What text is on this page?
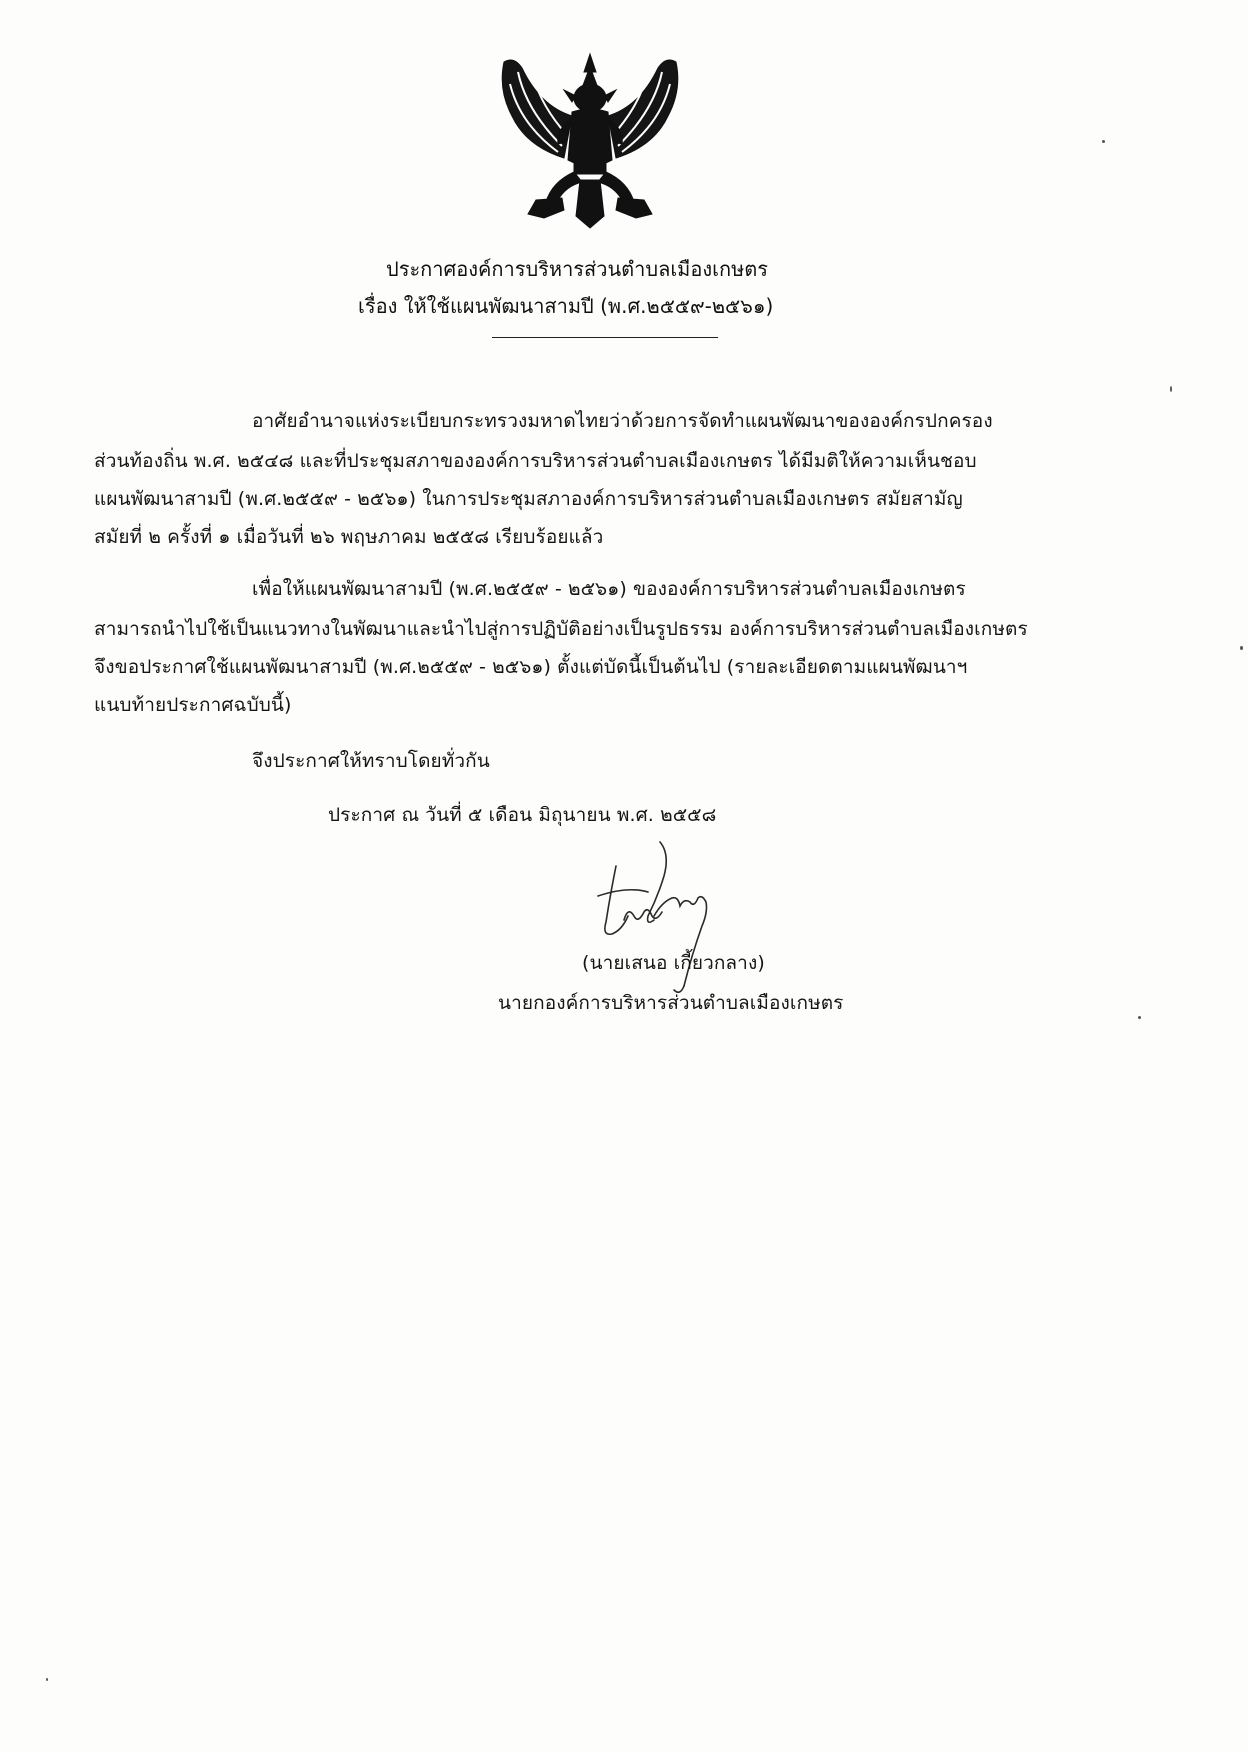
ประกาศองค์การบริหารส่วนตำบลเมืองเกษตร
เรื่อง ให้ใช้แผนพัฒนาสามปี (พ.ศ.๒๕๕๙-๒๕๖๑)
อาศัยอำนาจแห่งระเบียบกระทรวงมหาดไทยว่าด้วยการจัดทำแผนพัฒนาขององค์กรปกครอง
ส่วนท้องถิ่น พ.ศ. ๒๕๔๘ และที่ประชุมสภาขององค์การบริหารส่วนตำบลเมืองเกษตร ได้มีมติให้ความเห็นชอบ
แผนพัฒนาสามปี (พ.ศ.๒๕๕๙ - ๒๕๖๑) ในการประชุมสภาองค์การบริหารส่วนตำบลเมืองเกษตร สมัยสามัญ
สมัยที่ ๒ ครั้งที่ ๑ เมื่อวันที่ ๒๖ พฤษภาคม ๒๕๕๘ เรียบร้อยแล้ว
เพื่อให้แผนพัฒนาสามปี (พ.ศ.๒๕๕๙ - ๒๕๖๑) ขององค์การบริหารส่วนตำบลเมืองเกษตร
สามารถนำไปใช้เป็นแนวทางในพัฒนาและนำไปสู่การปฏิบัติอย่างเป็นรูปธรรม องค์การบริหารส่วนตำบลเมืองเกษตร
จึงขอประกาศใช้แผนพัฒนาสามปี (พ.ศ.๒๕๕๙ - ๒๕๖๑) ตั้งแต่บัดนี้เป็นต้นไป (รายละเอียดตามแผนพัฒนาฯ
แนบท้ายประกาศฉบับนี้)
จึงประกาศให้ทราบโดยทั่วกัน
ประกาศ ณ วันที่ ๕ เดือน มิถุนายน พ.ศ. ๒๕๕๘
(นายเสนอ เกี้ยวกลาง)
นายกองค์การบริหารส่วนตำบลเมืองเกษตร
